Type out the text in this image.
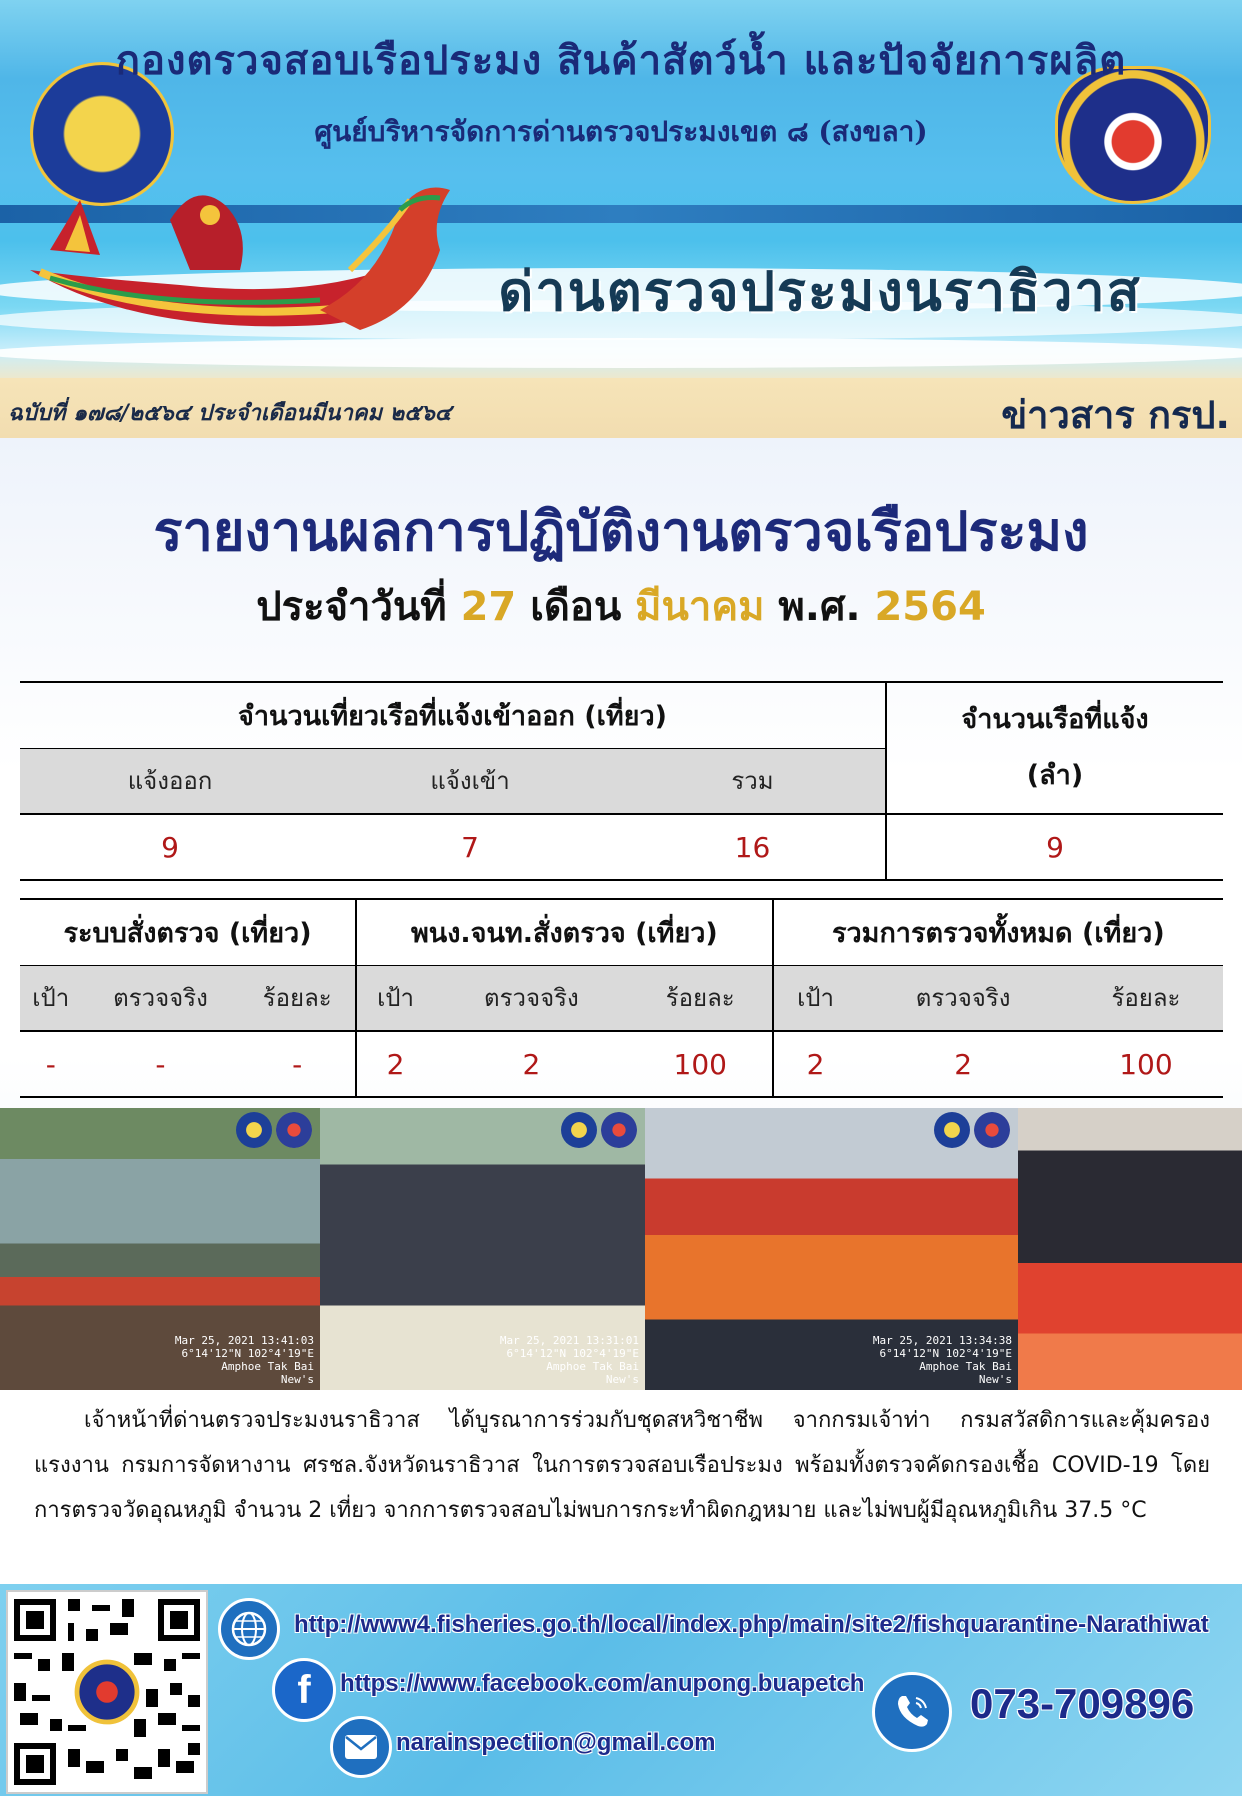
กองตรวจสอบเรือประมง สินค้าสัตว์น้ำ และปัจจัยการผลิต
ศูนย์บริหารจัดการด่านตรวจประมงเขต ๘ (สงขลา)
ด่านตรวจประมงนราธิวาส
ฉบับที่ ๑๗๘/๒๕๖๔ ประจำเดือนมีนาคม ๒๕๖๔	ข่าวสาร กรป.
รายงานผลการปฏิบัติงานตรวจเรือประมง
ประจำวันที่ 27 เดือน มีนาคม พ.ศ. 2564
จำนวนเที่ยวเรือที่แจ้งเข้าออก (เที่ยว)			จำนวนเรือที่แจ้ง
(ลำ)

แจ้งออก	แจ้งเข้า	รวม	
9	7	16	9
ระบบสั่งตรวจ (เที่ยว)			พนง.จนท.สั่งตรวจ (เที่ยว)			รวมการตรวจทั้งหมด (เที่ยว)		
เป้า	ตรวจจริง	ร้อยละ	เป้า	ตรวจจริง	ร้อยละ	เป้า	ตรวจจริง	ร้อยละ
-	-	-	2	2	100	2	2	100
Mar 25, 2021 13:41:03
6°14'12"N 102°4'19"E
Amphoe Tak Bai
New's
Mar 25, 2021 13:31:01
6°14'12"N 102°4'19"E
Amphoe Tak Bai
New's
Mar 25, 2021 13:34:38
6°14'12"N 102°4'19"E
Amphoe Tak Bai
New's
เจ้าหน้าที่ด่านตรวจประมงนราธิวาส ได้บูรณาการร่วมกับชุดสหวิชาชีพ จากกรมเจ้าท่า กรมสวัสดิการและคุ้มครองแรงงาน กรมการจัดหางาน ศรชล.จังหวัดนราธิวาส ในการตรวจสอบเรือประมง พร้อมทั้งตรวจคัดกรองเชื้อ COVID-19 โดยการตรวจวัดอุณหภูมิ จำนวน 2 เที่ยว จากการตรวจสอบไม่พบการกระทำผิดกฎหมาย และไม่พบผู้มีอุณหภูมิเกิน 37.5 °C
http://www4.fisheries.go.th/local/index.php/main/site2/fishquarantine-Narathiwat
f https://www.facebook.com/anupong.buapetch
narainspectiion@gmail.com
073-709896
